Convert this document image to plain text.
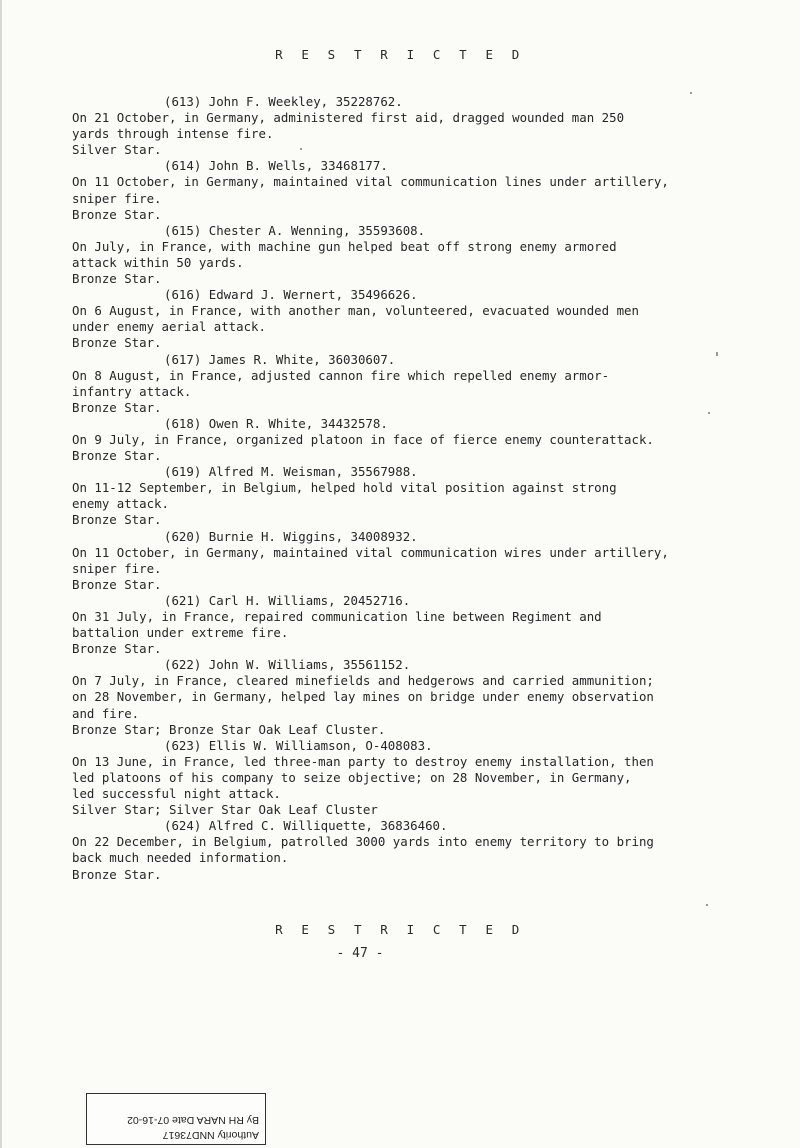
R E S T R I C T E D
(613) John F. Weekley, 35228762.
On 21 October, in Germany, administered first aid, dragged wounded man 250
yards through intense fire.
Silver Star.
(614) John B. Wells, 33468177.
On 11 October, in Germany, maintained vital communication lines under artillery,
sniper fire.
Bronze Star.
(615) Chester A. Wenning, 35593608.
On July, in France, with machine gun helped beat off strong enemy armored
attack within 50 yards.
Bronze Star.
(616) Edward J. Wernert, 35496626.
On 6 August, in France, with another man, volunteered, evacuated wounded men
under enemy aerial attack.
Bronze Star.
(617) James R. White, 36030607.
On 8 August, in France, adjusted cannon fire which repelled enemy armor-
infantry attack.
Bronze Star.
(618) Owen R. White, 34432578.
On 9 July, in France, organized platoon in face of fierce enemy counterattack.
Bronze Star.
(619) Alfred M. Weisman, 35567988.
On 11-12 September, in Belgium, helped hold vital position against strong
enemy attack.
Bronze Star.
(620) Burnie H. Wiggins, 34008932.
On 11 October, in Germany, maintained vital communication wires under artillery,
sniper fire.
Bronze Star.
(621) Carl H. Williams, 20452716.
On 31 July, in France, repaired communication line between Regiment and
battalion under extreme fire.
Bronze Star.
(622) John W. Williams, 35561152.
On 7 July, in France, cleared minefields and hedgerows and carried ammunition;
on 28 November, in Germany, helped lay mines on bridge under enemy observation
and fire.
Bronze Star; Bronze Star Oak Leaf Cluster.
(623) Ellis W. Williamson, O-408083.
On 13 June, in France, led three-man party to destroy enemy installation, then
led platoons of his company to seize objective; on 28 November, in Germany,
led successful night attack.
Silver Star; Silver Star Oak Leaf Cluster
(624) Alfred C. Williquette, 36836460.
On 22 December, in Belgium, patrolled 3000 yards into enemy territory to bring
back much needed information.
Bronze Star.
R E S T R I C T E D
- 47 -
Authority NND73617
By RH NARA Date 07-16-02
